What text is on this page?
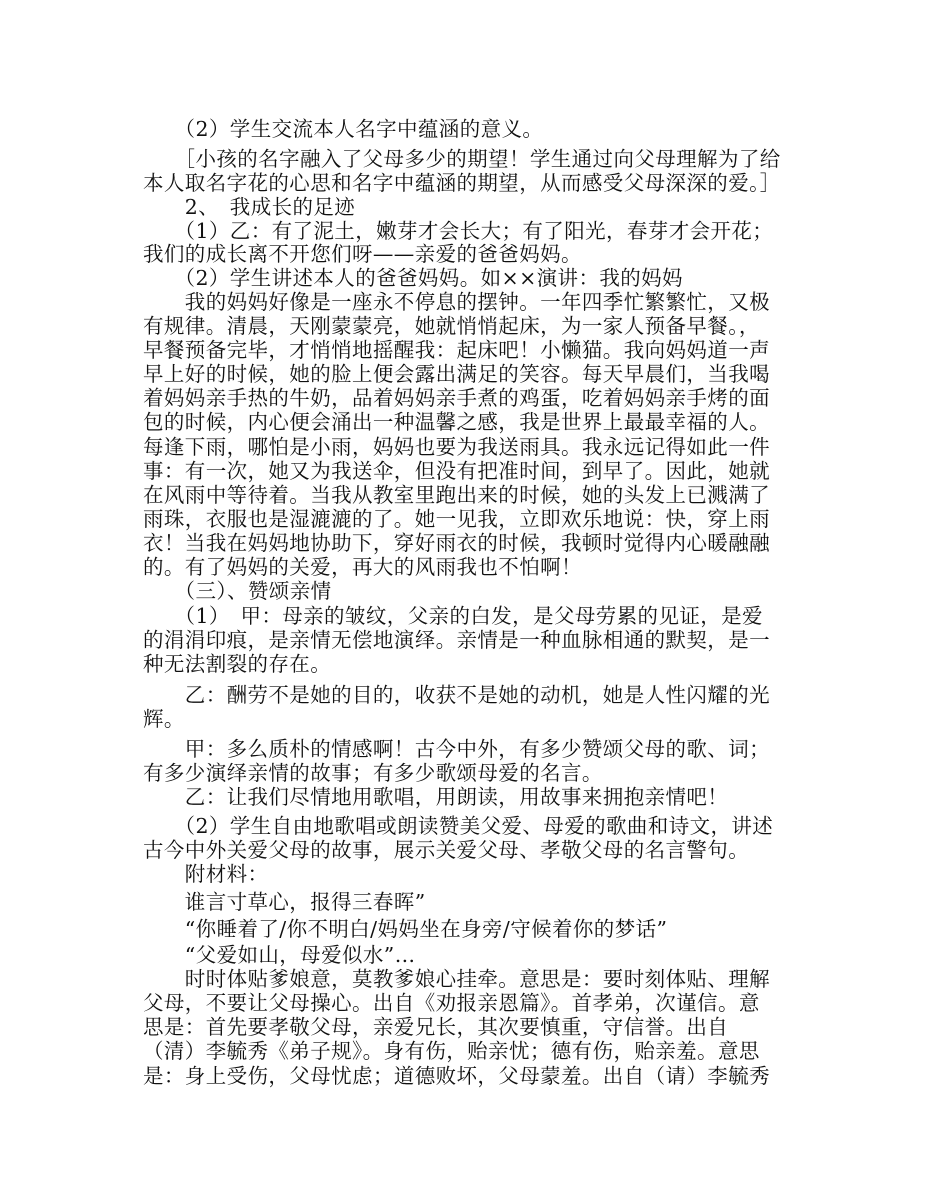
　　（2）学生交流本人名字中蕴涵的意义。
　　［小孩的名字融入了父母多少的期望！学生通过向父母理解为了给
本人取名字花的心思和名字中蕴涵的期望，从而感受父母深深的爱。］
　　2、　我成长的足迹
　　（1）乙：有了泥土，嫩芽才会长大；有了阳光，春芽才会开花；
我们的成长离不开您们呀——亲爱的爸爸妈妈。
　　（2）学生讲述本人的爸爸妈妈。如××演讲：我的妈妈
　　我的妈妈好像是一座永不停息的摆钟。一年四季忙繁繁忙，又极
有规律。清晨，天刚蒙蒙亮，她就悄悄起床，为一家人预备早餐。，
早餐预备完毕，才悄悄地摇醒我：起床吧！小懒猫。我向妈妈道一声
早上好的时候，她的脸上便会露出满足的笑容。每天早晨们，当我喝
着妈妈亲手热的牛奶，品着妈妈亲手煮的鸡蛋，吃着妈妈亲手烤的面
包的时候，内心便会涌出一种温馨之感，我是世界上最最幸福的人。
每逢下雨，哪怕是小雨，妈妈也要为我送雨具。我永远记得如此一件
事：有一次，她又为我送伞，但没有把准时间，到早了。因此，她就
在风雨中等待着。当我从教室里跑出来的时候，她的头发上已溅满了
雨珠，衣服也是湿漉漉的了。她一见我，立即欢乐地说：快，穿上雨
衣！当我在妈妈地协助下，穿好雨衣的时候，我顿时觉得内心暖融融
的。有了妈妈的关爱，再大的风雨我也不怕啊！
　　（三）、赞颂亲情
　　（1）　甲：母亲的皱纹，父亲的白发，是父母劳累的见证，是爱
的涓涓印痕，是亲情无偿地演绎。亲情是一种血脉相通的默契，是一
种无法割裂的存在。
　　乙：酬劳不是她的目的，收获不是她的动机，她是人性闪耀的光
辉。
　　甲：多么质朴的情感啊！古今中外，有多少赞颂父母的歌、词；
有多少演绎亲情的故事；有多少歌颂母爱的名言。
　　乙：让我们尽情地用歌唱，用朗读，用故事来拥抱亲情吧！
　　（2）学生自由地歌唱或朗读赞美父爱、母爱的歌曲和诗文，讲述
古今中外关爱父母的故事，展示关爱父母、孝敬父母的名言警句。
　　附材料：
　　谁言寸草心，报得三春晖”
　　“你睡着了/你不明白/妈妈坐在身旁/守候着你的梦话”
　　“父爱如山，母爱似水”…
　　时时体贴爹娘意，莫教爹娘心挂牵。意思是：要时刻体贴、理解
父母，不要让父母操心。出自《劝报亲恩篇》。首孝弟，次谨信。意
思是：首先要孝敬父母，亲爱兄长，其次要慎重，守信誉。出自
（清）李毓秀《弟子规》。身有伤，贻亲忧；德有伤，贻亲羞。意思
是：身上受伤，父母忧虑；道德败坏，父母蒙羞。出自（请）李毓秀
